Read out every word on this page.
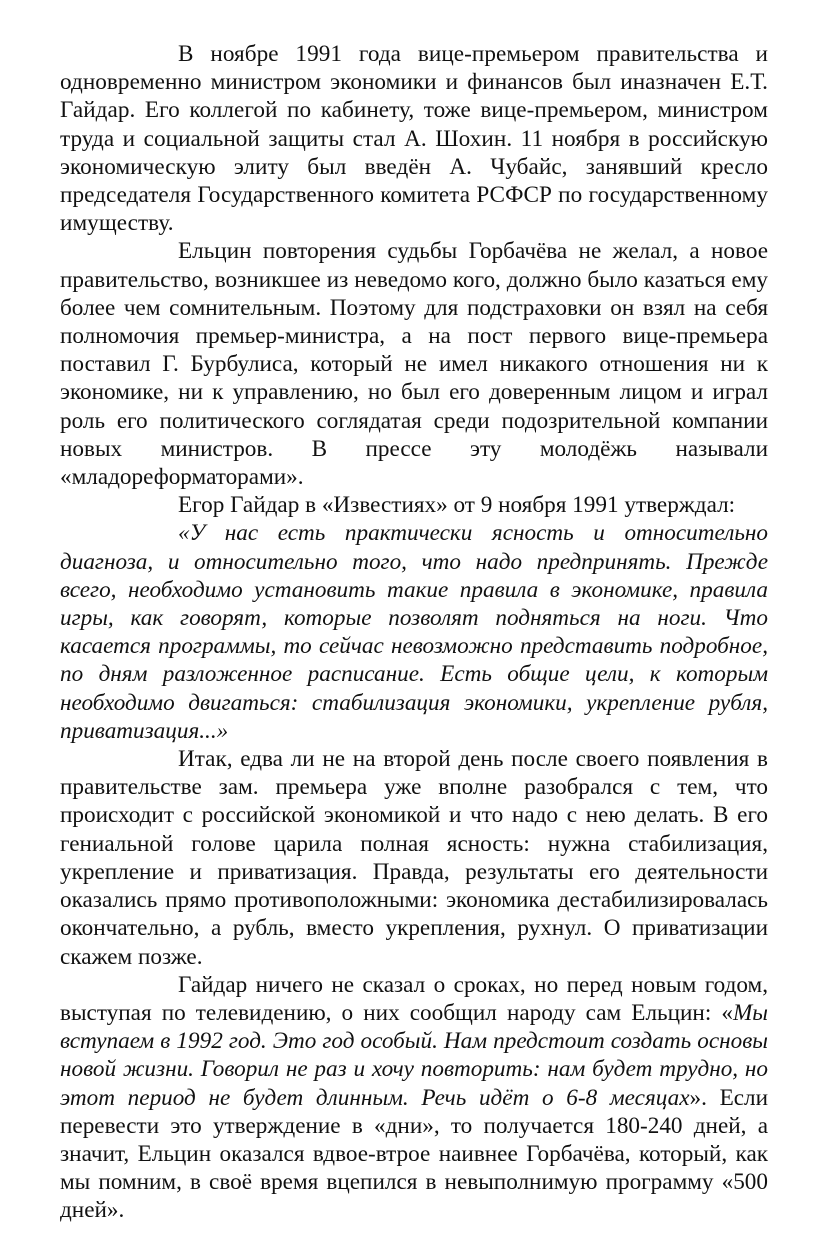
В ноябре 1991 года вице-премьером правительства и одновременно министром экономики и финансов был иназначен Е.Т. Гайдар. Его коллегой по кабинету, тоже вице-премьером, министром труда и социальной защиты стал А. Шохин. 11 ноября в российскую экономическую элиту был введён А. Чубайс, занявший кресло председателя Государственного комитета РСФСР по государственному имуществу.

Ельцин повторения судьбы Горбачёва не желал, а новое правительство, возникшее из неведомо кого, должно было казаться ему более чем сомнительным. Поэтому для подстраховки он взял на себя полномочия премьер-министра, а на пост первого вице-премьера поставил Г. Бурбулиса, который не имел никакого отношения ни к экономике, ни к управлению, но был его доверенным лицом и играл роль его политического соглядатая среди подозрительной компании новых министров. В прессе эту молодёжь называли «младореформаторами».

Егор Гайдар в «Известиях» от 9 ноября 1991 утверждал:

«У нас есть практически ясность и относительно диагноза, и относительно того, что надо предпринять. Прежде всего, необходимо установить такие правила в экономике, правила игры, как говорят, которые позволят подняться на ноги. Что касается программы, то сейчас невозможно представить подробное, по дням разложенное расписание. Есть общие цели, к которым необходимо двигаться: стабилизация экономики, укрепление рубля, приватизация...»

Итак, едва ли не на второй день после своего появления в правительстве зам. премьера уже вполне разобрался с тем, что происходит с российской экономикой и что надо с нею делать. В его гениальной голове царила полная ясность: нужна стабилизация, укрепление и приватизация. Правда, результаты его деятельности оказались прямо противоположными: экономика дестабилизировалась окончательно, а рубль, вместо укрепления, рухнул. О приватизации скажем позже.

Гайдар ничего не сказал о сроках, но перед новым годом, выступая по телевидению, о них сообщил народу сам Ельцин: «Мы вступаем в 1992 год. Это год особый. Нам предстоит создать основы новой жизни. Говорил не раз и хочу повторить: нам будет трудно, но этот период не будет длинным. Речь идёт о 6-8 месяцах». Если перевести это утверждение в «дни», то получается 180-240 дней, а значит, Ельцин оказался вдвое-втрое наивнее Горбачёва, который, как мы помним, в своё время вцепился в невыполнимую программу «500 дней».
